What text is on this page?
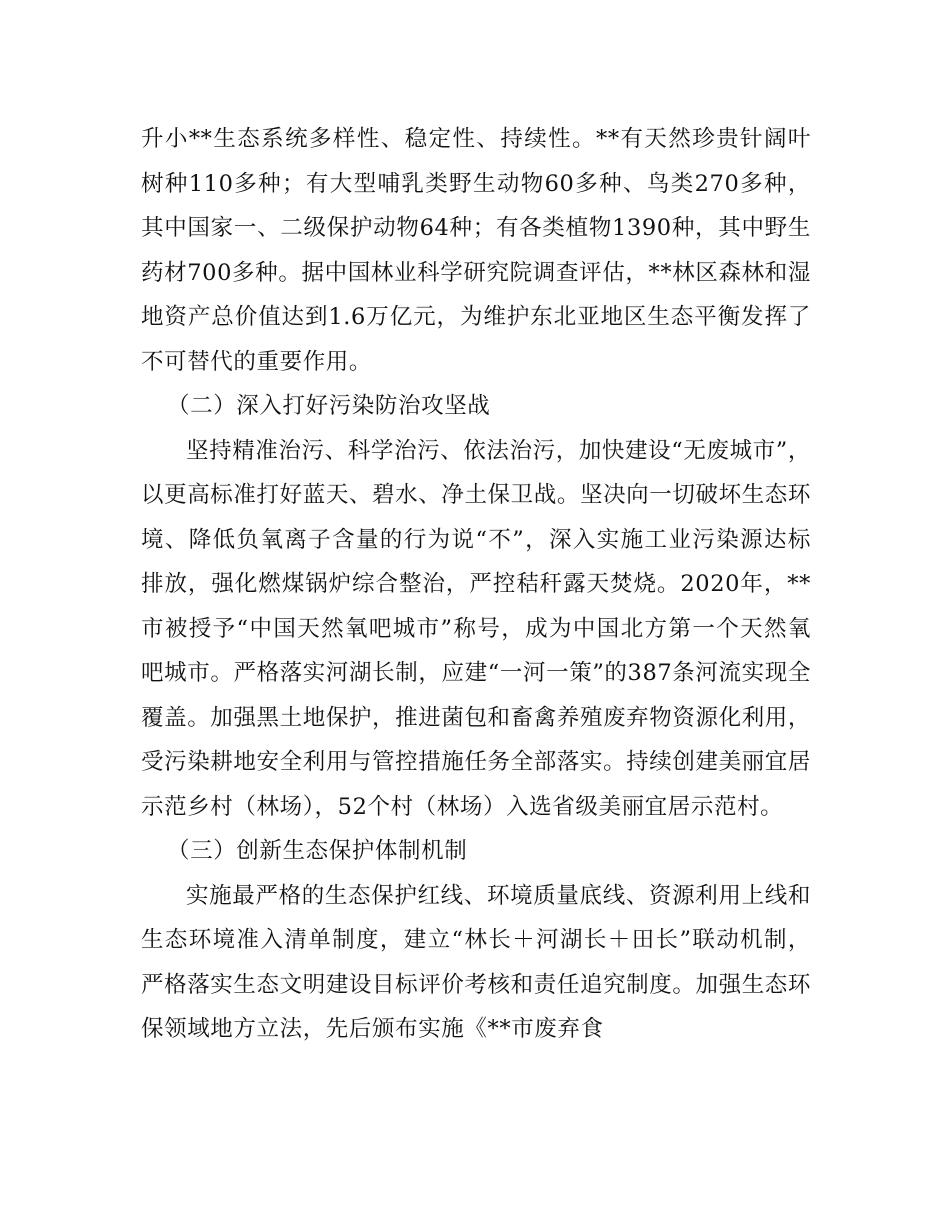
升小**生态系统多样性、稳定性、持续性。**有天然珍贵针阔叶树种110多种；有大型哺乳类野生动物60多种、鸟类270多种，其中国家一、二级保护动物64种；有各类植物1390种，其中野生药材700多种。据中国林业科学研究院调查评估，**林区森林和湿地资产总价值达到1.6万亿元，为维护东北亚地区生态平衡发挥了不可替代的重要作用。

（二）深入打好污染防治攻坚战

坚持精准治污、科学治污、依法治污，加快建设“无废城市”，以更高标准打好蓝天、碧水、净土保卫战。坚决向一切破坏生态环境、降低负氧离子含量的行为说“不”，深入实施工业污染源达标排放，强化燃煤锅炉综合整治，严控秸秆露天焚烧。2020年，**市被授予“中国天然氧吧城市”称号，成为中国北方第一个天然氧吧城市。严格落实河湖长制，应建“一河一策”的387条河流实现全覆盖。加强黑土地保护，推进菌包和畜禽养殖废弃物资源化利用，受污染耕地安全利用与管控措施任务全部落实。持续创建美丽宜居示范乡村（林场），52个村（林场）入选省级美丽宜居示范村。

（三）创新生态保护体制机制

实施最严格的生态保护红线、环境质量底线、资源利用上线和生态环境准入清单制度，建立“林长＋河湖长＋田长”联动机制，严格落实生态文明建设目标评价考核和责任追究制度。加强生态环保领域地方立法，先后颁布实施《**市废弃食
